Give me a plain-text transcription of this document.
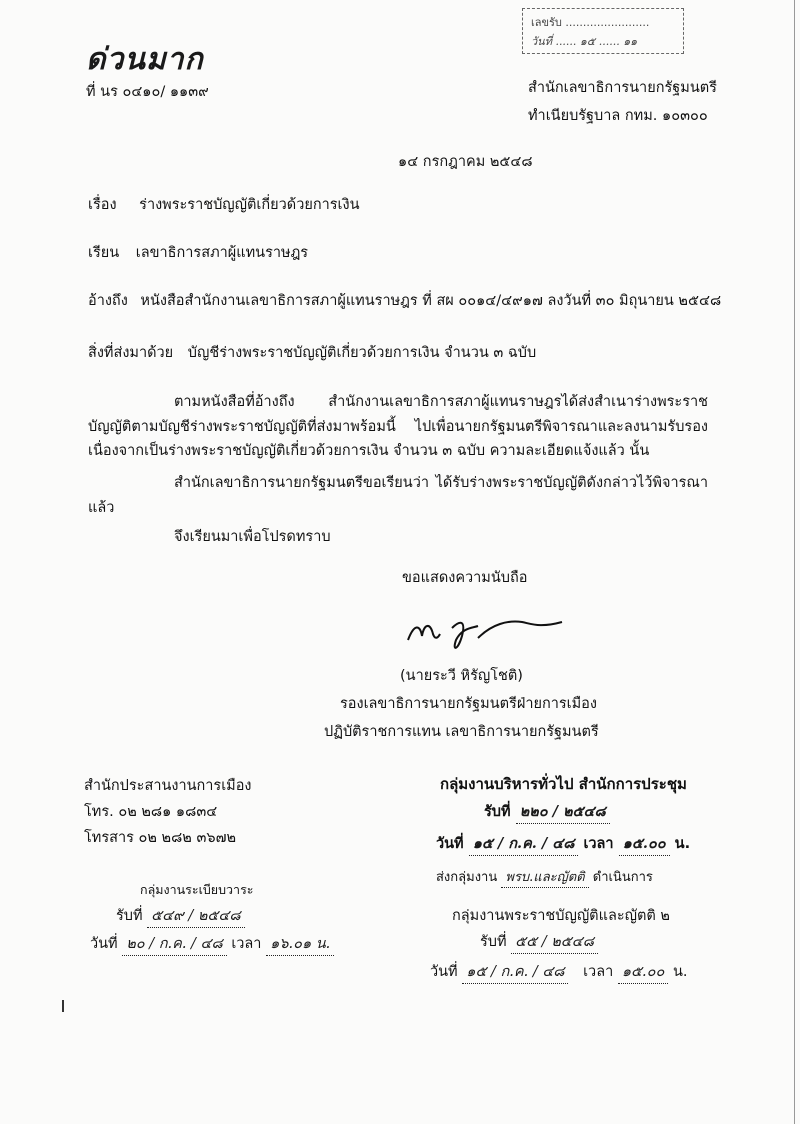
เลขรับ ........................
วันที่ ...... ๑๕ ...... ๑๑
ด่วนมาก
ที่ นร ๐๔๑๐/ ๑๑๓๙	สำนักเลขาธิการนายกรัฐมนตรี
ทำเนียบรัฐบาล กทม. ๑๐๓๐๐
๑๔ กรกฎาคม ๒๕๔๘
เรื่อง ร่างพระราชบัญญัติเกี่ยวด้วยการเงิน
เรียน เลขาธิการสภาผู้แทนราษฎร
อ้างถึง หนังสือสำนักงานเลขาธิการสภาผู้แทนราษฎร ที่ สผ ๐๐๑๔/๔๙๑๗ ลงวันที่ ๓๐ มิถุนายน ๒๕๔๘
สิ่งที่ส่งมาด้วย บัญชีร่างพระราชบัญญัติเกี่ยวด้วยการเงิน จำนวน ๓ ฉบับ
ตามหนังสือที่อ้างถึง สำนักงานเลขาธิการสภาผู้แทนราษฎรได้ส่งสำเนาร่างพระราชบัญญัติตามบัญชีร่างพระราชบัญญัติที่ส่งมาพร้อมนี้ ไปเพื่อนายกรัฐมนตรีพิจารณาและลงนามรับรอง เนื่องจากเป็นร่างพระราชบัญญัติเกี่ยวด้วยการเงิน จำนวน ๓ ฉบับ ความละเอียดแจ้งแล้ว นั้น
สำนักเลขาธิการนายกรัฐมนตรีขอเรียนว่า ได้รับร่างพระราชบัญญัติดังกล่าวไว้พิจารณาแล้ว
จึงเรียนมาเพื่อโปรดทราบ
ขอแสดงความนับถือ
(นายระวี หิรัญโชติ)
รองเลขาธิการนายกรัฐมนตรีฝ่ายการเมือง
ปฏิบัติราชการแทน เลขาธิการนายกรัฐมนตรี
สำนักประสานงานการเมือง
โทร. ๐๒ ๒๘๑ ๑๘๓๔
โทรสาร ๐๒ ๒๘๒ ๓๖๗๒
กลุ่มงานระเบียบวาระ
รับที่ ๕๔๙ / ๒๕๔๘
วันที่ ๒๐ / ก.ค. / ๔๘ เวลา ๑๖.๐๑ น.
กลุ่มงานบริหารทั่วไป สำนักการประชุม
รับที่ ๒๒๐ / ๒๕๔๘
วันที่ ๑๕ / ก.ค. / ๔๘ เวลา ๑๕.๐๐ น.
ส่งกลุ่มงาน พรบ.และญัตติ ดำเนินการ
กลุ่มงานพระราชบัญญัติและญัตติ ๒
รับที่ ๕๕ / ๒๕๔๘
วันที่ ๑๕ / ก.ค. / ๔๘ เวลา ๑๕.๐๐ น.
